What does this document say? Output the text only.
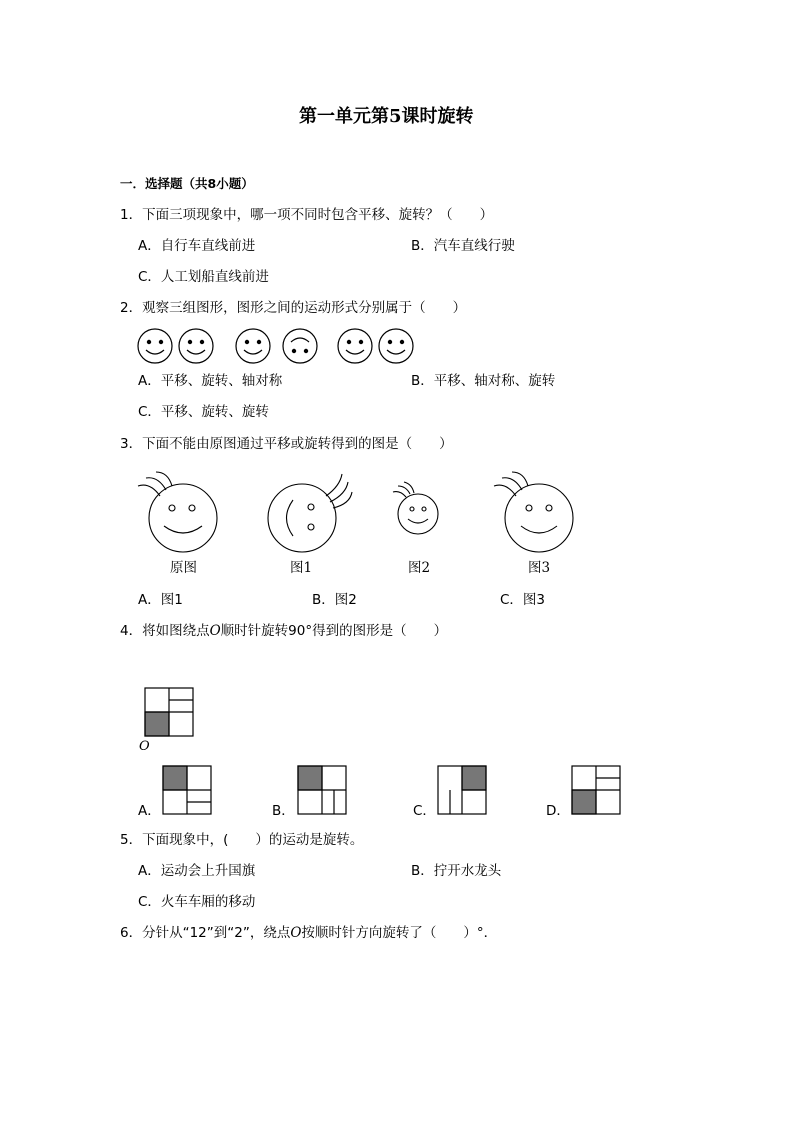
第一单元第5课时旋转
一．选择题（共8小题）
1．下面三项现象中，哪一项不同时包含平移、旋转？（　　）
A．自行车直线前进	B．汽车直线行驶
C．人工划船直线前进
2．观察三组图形，图形之间的运动形式分别属于（　　）
A．平移、旋转、轴对称	B．平移、轴对称、旋转
C．平移、旋转、旋转
3．下面不能由原图通过平移或旋转得到的图是（　　）
原图	图1	图2	图3
A．图1	B．图2	C．图3
4．将如图绕点O顺时针旋转90°得到的图形是（　　）
O
A．	B．	C．	D．
5．下面现象中，(　　）的运动是旋转。
A．运动会上升国旗	B．拧开水龙头
C．火车车厢的移动
6．分针从“12”到“2”，绕点O按顺时针方向旋转了（　　）°．
